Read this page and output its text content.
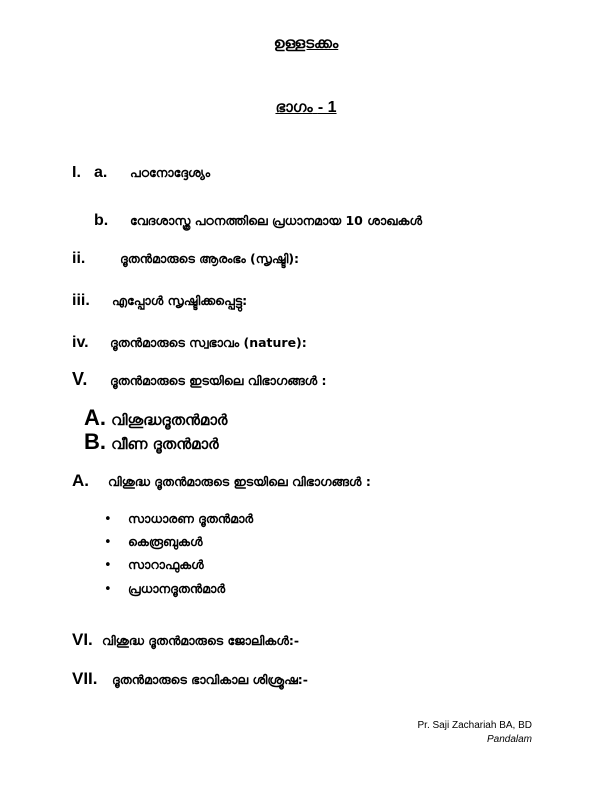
ഉള്ളടക്കം
ഭാഗം - 1
I. a. പഠനോദ്ദേശ്യം
b. വേദശാസ്ത്ര പഠനത്തിലെ പ്രധാനമായ 10 ശാഖകൾ
ii.	ദൂതൻമാരുടെ ആരംഭം (സൃഷ്ടി):
iii. എപ്പോൾ സൃഷ്ടിക്കപ്പെട്ടു:
iv. ദൂതൻമാരുടെ സ്വഭാവം (nature):
V. ദൂതൻമാരുടെ ഇടയിലെ വിഭാഗങ്ങൾ :
A. വിശുദ്ധദൂതൻമാർ
B. വീണ ദൂതൻമാർ
A. വിശുദ്ധ ദൂതൻമാരുടെ ഇടയിലെ വിഭാഗങ്ങൾ :
• സാധാരണ ദൂതൻമാർ
• കെരൂബുകൾ
• സാറാഫുകൾ
• പ്രധാനദൂതൻമാർ
VI. വിശുദ്ധ ദൂതൻമാരുടെ ജോലികൾ:-
VII. ദൂതൻമാരുടെ ഭാവികാല ശിശ്രൂഷ:-
Pr. Saji Zachariah BA, BD
Pandalam
